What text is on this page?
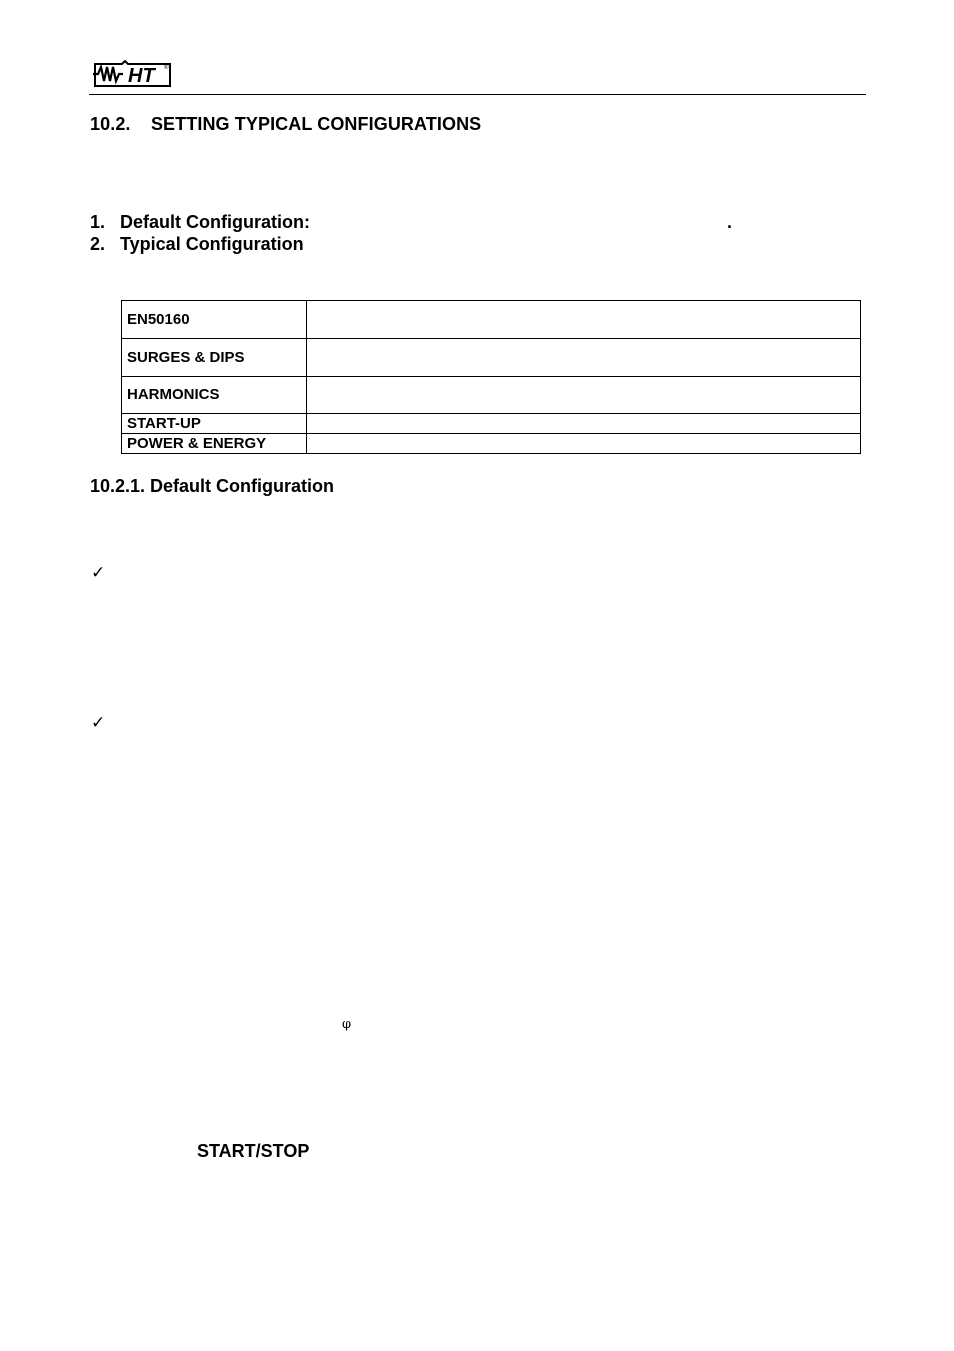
HT ®
10.2. SETTING TYPICAL CONFIGURATIONS
1. Default Configuration:	.
2. Typical Configuration
EN50160	
SURGES & DIPS	
HARMONICS	
START-UP	
POWER & ENERGY	
10.2.1. Default Configuration
✓
✓
φ
START/STOP
